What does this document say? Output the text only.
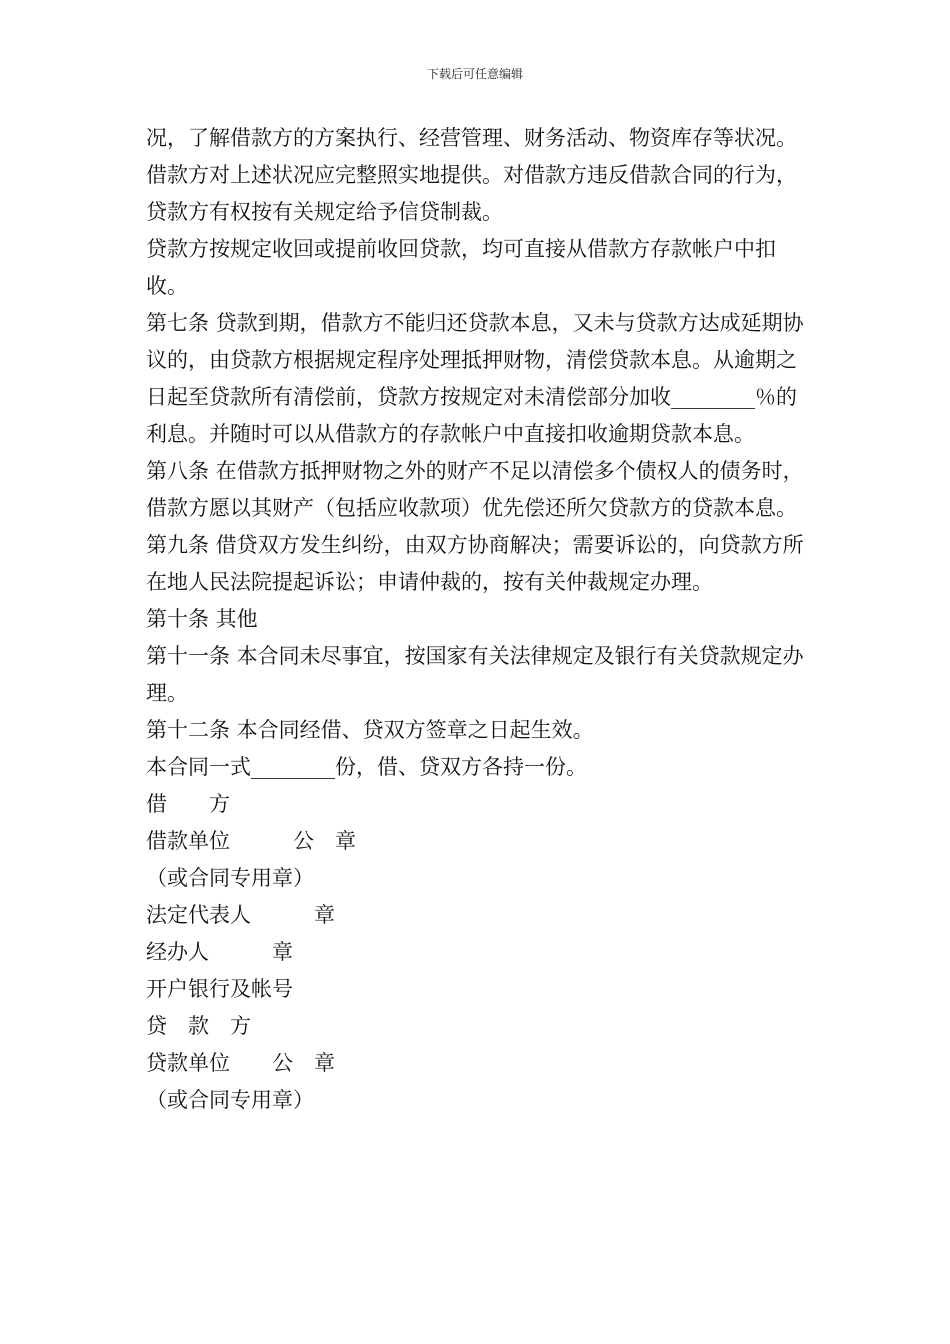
下载后可任意编辑

况，了解借款方的方案执行、经营管理、财务活动、物资库存等状况。借款方对上述状况应完整照实地提供。对借款方违反借款合同的行为，贷款方有权按有关规定给予信贷制裁。

贷款方按规定收回或提前收回贷款，均可直接从借款方存款帐户中扣收。

第七条 贷款到期，借款方不能归还贷款本息，又未与贷款方达成延期协议的，由贷款方根据规定程序处理抵押财物，清偿贷款本息。从逾期之日起至贷款所有清偿前，贷款方按规定对未清偿部分加收________％的利息。并随时可以从借款方的存款帐户中直接扣收逾期贷款本息。

第八条 在借款方抵押财物之外的财产不足以清偿多个债权人的债务时，借款方愿以其财产（包括应收款项）优先偿还所欠贷款方的贷款本息。

第九条 借贷双方发生纠纷，由双方协商解决；需要诉讼的，向贷款方所在地人民法院提起诉讼；申请仲裁的，按有关仲裁规定办理。

第十条 其他

第十一条 本合同未尽事宜，按国家有关法律规定及银行有关贷款规定办理。

第十二条 本合同经借、贷双方签章之日起生效。

本合同一式________份，借、贷双方各持一份。

借　　方

借款单位　　　公　章

（或合同专用章）

法定代表人　　　章

经办人　　　章

开户银行及帐号

贷　款　方

贷款单位　　公　章

（或合同专用章）
